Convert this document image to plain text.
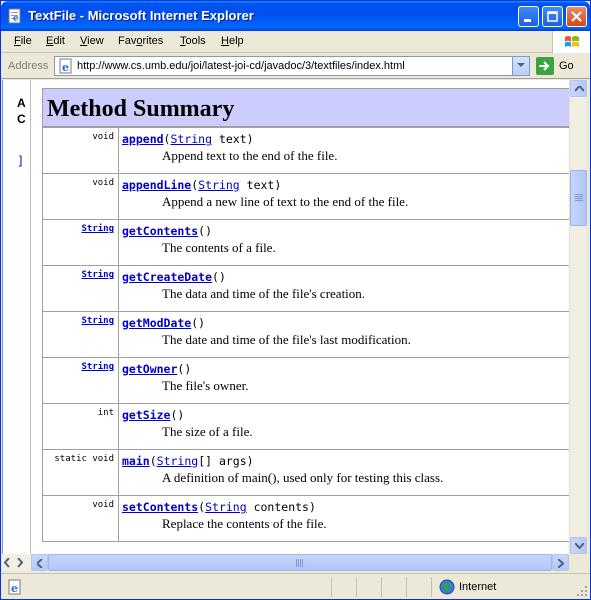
e TextFile - Microsoft Internet Explorer
File Edit View Favorites Tools Help
Address e http://www.cs.umb.edu/joi/latest-joi-cd/javadoc/3/textfiles/index.html	Go
A
C
]
Method Summary
void	append(String text)
Append text to the end of the file.

void	appendLine(String text)
Append a new line of text to the end of the file.

String	getContents()
The contents of a file.

String	getCreateDate()
The data and time of the file's creation.

String	getModDate()
The date and time of the file's last modification.

String	getOwner()
The file's owner.

int	getSize()
The size of a file.

static void	main(String[] args)
A definition of main(), used only for testing this class.

void	setContents(String contents)
Replace the contents of the file.
e	Internet
